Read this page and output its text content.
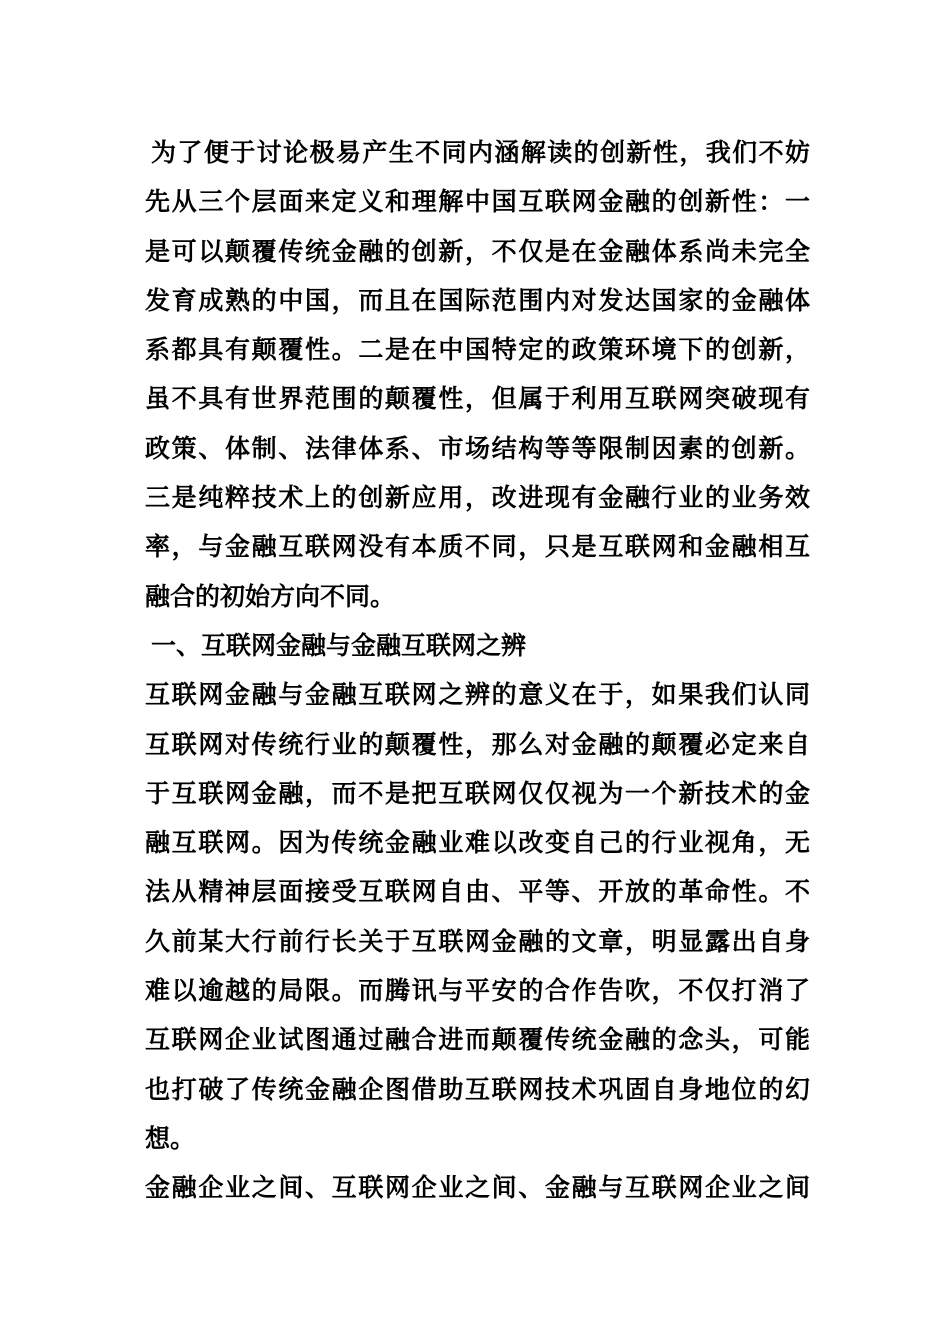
为了便于讨论极易产生不同内涵解读的创新性，我们不妨
先从三个层面来定义和理解中国互联网金融的创新性：一
是可以颠覆传统金融的创新，不仅是在金融体系尚未完全
发育成熟的中国，而且在国际范围内对发达国家的金融体
系都具有颠覆性。二是在中国特定的政策环境下的创新，
虽不具有世界范围的颠覆性，但属于利用互联网突破现有
政策、体制、法律体系、市场结构等等限制因素的创新。
三是纯粹技术上的创新应用，改进现有金融行业的业务效
率，与金融互联网没有本质不同，只是互联网和金融相互
融合的初始方向不同。
一、互联网金融与金融互联网之辨
互联网金融与金融互联网之辨的意义在于，如果我们认同
互联网对传统行业的颠覆性，那么对金融的颠覆必定来自
于互联网金融，而不是把互联网仅仅视为一个新技术的金
融互联网。因为传统金融业难以改变自己的行业视角，无
法从精神层面接受互联网自由、平等、开放的革命性。不
久前某大行前行长关于互联网金融的文章，明显露出自身
难以逾越的局限。而腾讯与平安的合作告吹，不仅打消了
互联网企业试图通过融合进而颠覆传统金融的念头，可能
也打破了传统金融企图借助互联网技术巩固自身地位的幻
想。
金融企业之间、互联网企业之间、金融与互联网企业之间
